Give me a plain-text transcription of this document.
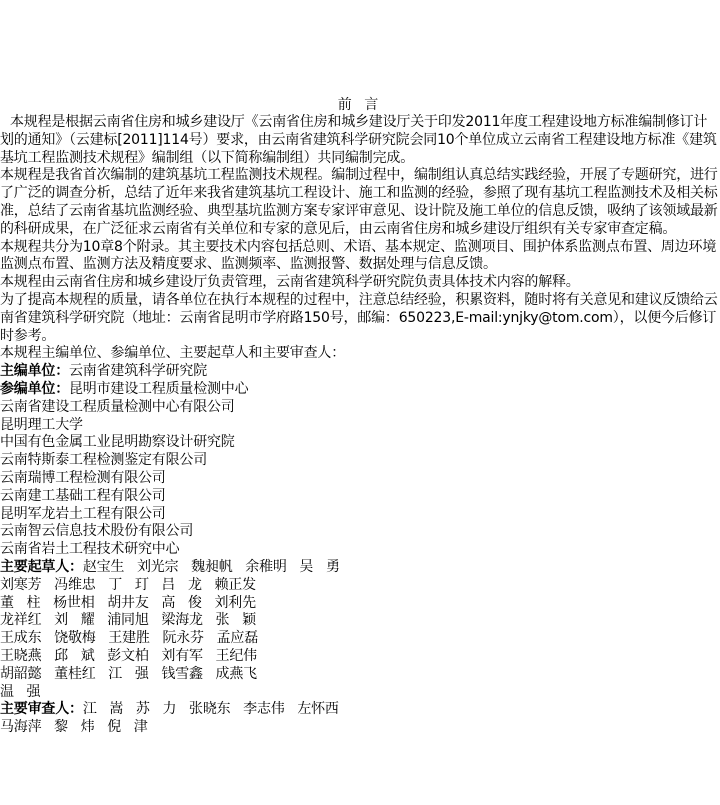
前 言

本规程是根据云南省住房和城乡建设厅《云南省住房和城乡建设厅关于印发2011年度工程建设地方标准编制修订计划的通知》（云建标[2011]114号）要求，由云南省建筑科学研究院会同10个单位成立云南省工程建设地方标准《建筑基坑工程监测技术规程》编制组（以下简称编制组）共同编制完成。

本规程是我省首次编制的建筑基坑工程监测技术规程。编制过程中，编制组认真总结实践经验，开展了专题研究，进行了广泛的调查分析，总结了近年来我省建筑基坑工程设计、施工和监测的经验，参照了现有基坑工程监测技术及相关标准，总结了云南省基坑监测经验、典型基坑监测方案专家评审意见、设计院及施工单位的信息反馈，吸纳了该领域最新的科研成果，在广泛征求云南省有关单位和专家的意见后，由云南省住房和城乡建设厅组织有关专家审查定稿。

本规程共分为10章8个附录。其主要技术内容包括总则、术语、基本规定、监测项目、围护体系监测点布置、周边环境监测点布置、监测方法及精度要求、监测频率、监测报警、数据处理与信息反馈。

本规程由云南省住房和城乡建设厅负责管理，云南省建筑科学研究院负责具体技术内容的解释。

为了提高本规程的质量，请各单位在执行本规程的过程中，注意总结经验，积累资料，随时将有关意见和建议反馈给云南省建筑科学研究院（地址：云南省昆明市学府路150号，邮编：650223,E-mail:ynjky@tom.com），以便今后修订时参考。

本规程主编单位、参编单位、主要起草人和主要审查人：

主编单位：云南省建筑科学研究院
参编单位：昆明市建设工程质量检测中心
云南省建设工程质量检测中心有限公司
昆明理工大学
中国有色金属工业昆明勘察设计研究院
云南特斯泰工程检测鉴定有限公司
云南瑞博工程检测有限公司
云南建工基础工程有限公司
昆明军龙岩土工程有限公司
云南智云信息技术股份有限公司
云南省岩土工程技术研究中心
主要起草人：赵宝生   刘光宗   魏昶帆   余稚明   吴   勇
刘寒芳   冯维忠   丁   玎   吕   龙   赖正发
董   柱   杨世相   胡井友   高   俊   刘利先
龙祥红   刘   耀   浦同旭   梁海龙   张   颖
王成东   饶敬梅   王建胜   阮永芬   孟应磊
王晓燕   邱   斌   彭文柏   刘有军   王纪伟
胡韶懿   董桂红   江   强   钱雪鑫   成燕飞
温   强
主要审查人：江   嵩   苏   力   张晓东   李志伟   左怀西
马海萍   黎   炜   倪   津
